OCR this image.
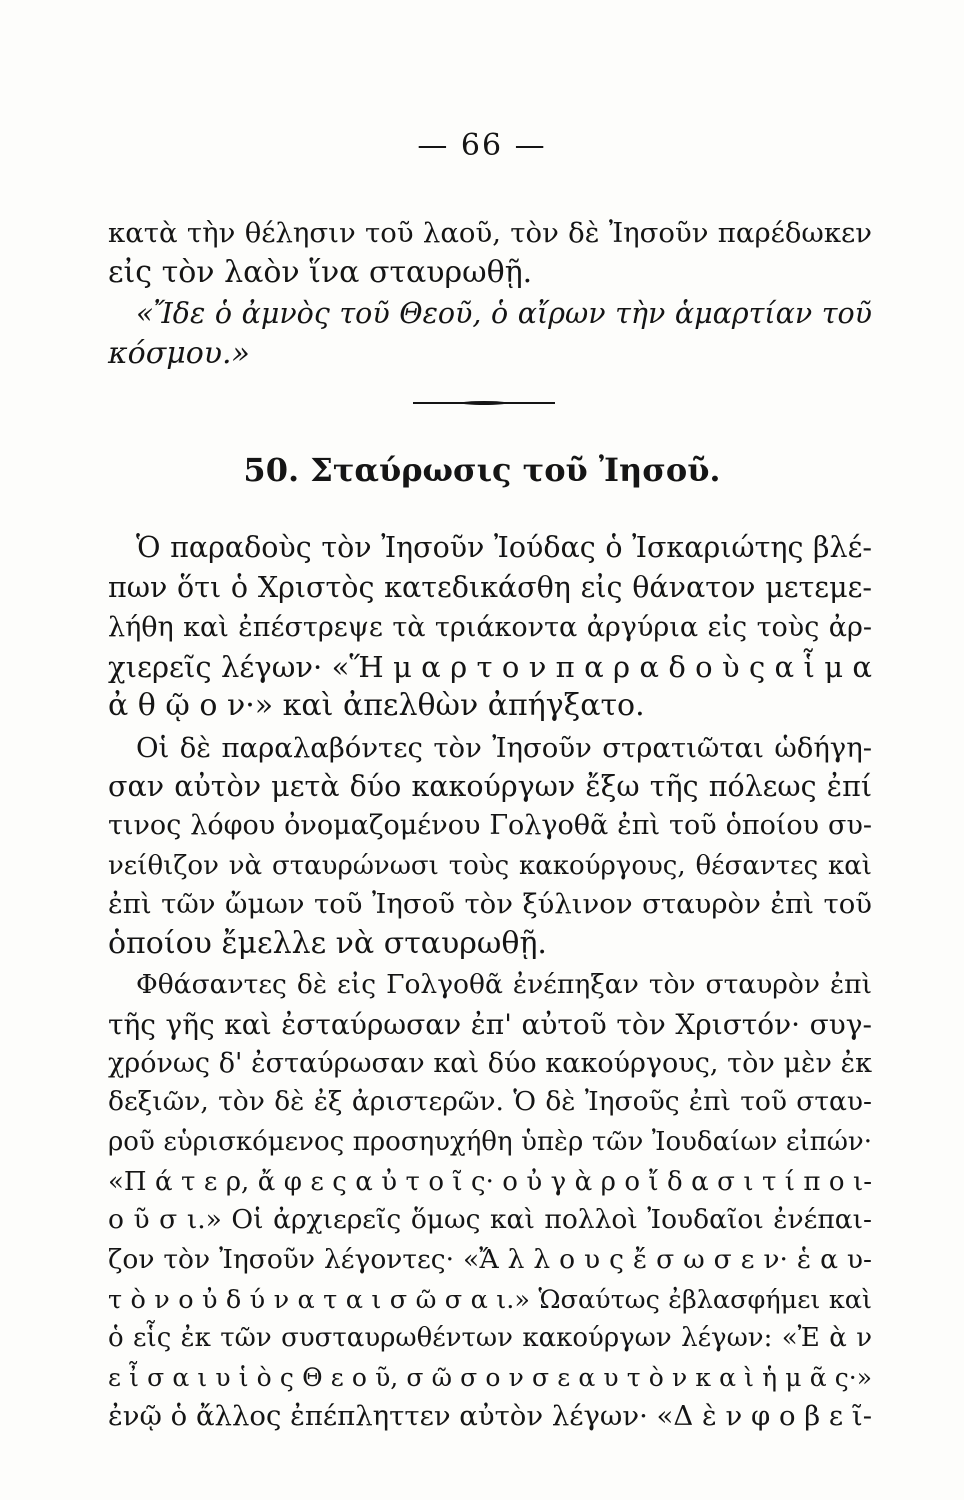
— 66 —
κατὰ τὴν θέλησιν τοῦ λαοῦ, τὸν δὲ Ἰησοῦν παρέδωκεν
εἰς τὸν λαὸν ἵνα σταυρωθῇ.
«Ἴδε ὁ ἀμνὸς τοῦ Θεοῦ, ὁ αἴρων τὴν ἁμαρτίαν τοῦ
κόσμου.»
50. Σταύρωσις τοῦ Ἰησοῦ.
Ὁ παραδοὺς τὸν Ἰησοῦν Ἰούδας ὁ Ἰσκαριώτης βλέ-
πων ὅτι ὁ Χριστὸς κατεδικάσθη εἰς θάνατον μετεμε-
λήθη καὶ ἐπέστρεψε τὰ τριάκοντα ἀργύρια εἰς τοὺς ἀρ-
χιερεῖς λέγων· «Ἥ μ α ρ τ ο ν π α ρ α δ ο ὺ ς α ἷ μ α
ἀ θ ῷ ο ν·» καὶ ἀπελθὼν ἀπήγξατο.
Οἱ δὲ παραλαβόντες τὸν Ἰησοῦν στρατιῶται ὡδήγη-
σαν αὐτὸν μετὰ δύο κακούργων ἔξω τῆς πόλεως ἐπί
τινος λόφου ὀνομαζομένου Γολγοθᾶ ἐπὶ τοῦ ὁποίου συ-
νείθιζον νὰ σταυρώνωσι τοὺς κακούργους, θέσαντες καὶ
ἐπὶ τῶν ὤμων τοῦ Ἰησοῦ τὸν ξύλινον σταυρὸν ἐπὶ τοῦ
ὁποίου ἔμελλε νὰ σταυρωθῇ.
Φθάσαντες δὲ εἰς Γολγοθᾶ ἐνέπηξαν τὸν σταυρὸν ἐπὶ
τῆς γῆς καὶ ἐσταύρωσαν ἐπ' αὐτοῦ τὸν Χριστόν· συγ-
χρόνως δ' ἐσταύρωσαν καὶ δύο κακούργους, τὸν μὲν ἐκ
δεξιῶν, τὸν δὲ ἐξ ἀριστερῶν. Ὁ δὲ Ἰησοῦς ἐπὶ τοῦ σταυ-
ροῦ εὑρισκόμενος προσηυχήθη ὑπὲρ τῶν Ἰουδαίων εἰπών·
«Π ά τ ε ρ, ἄ φ ε ς α ὐ τ ο ῖ ς· ο ὐ γ ὰ ρ ο ἴ δ α σ ι τ ί π ο ι-
ο ῦ σ ι.» Οἱ ἀρχιερεῖς ὅμως καὶ πολλοὶ Ἰουδαῖοι ἐνέπαι-
ζον τὸν Ἰησοῦν λέγοντες· «Ἄ λ λ ο υ ς ἔ σ ω σ ε ν· ἑ α υ-
τ ὸ ν ο ὐ δ ύ ν α τ α ι σ ῶ σ α ι.» Ὡσαύτως ἐβλασφήμει καὶ
ὁ εἷς ἐκ τῶν συσταυρωθέντων κακούργων λέγων: «Ἐ ὰ ν
ε ἶ σ α ι υ ἱ ὸ ς Θ ε ο ῦ, σ ῶ σ ο ν σ ε α υ τ ὸ ν κ α ὶ ἡ μ ᾶ ς·»
ἐνῷ ὁ ἄλλος ἐπέπληττεν αὐτὸν λέγων· «Δ ὲ ν φ ο β ε ῖ-
